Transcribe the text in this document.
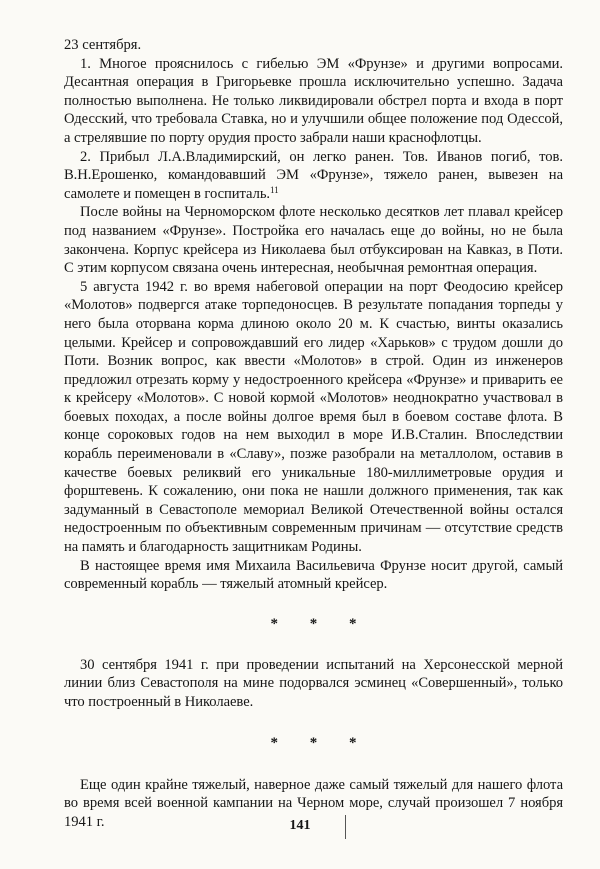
23 сентября.

1. Многое прояснилось с гибелью ЭМ «Фрунзе» и другими вопросами. Десантная операция в Григорьевке прошла исключительно успешно. Задача полностью выполнена. Не только ликвидировали обстрел порта и входа в порт Одесский, что требовала Ставка, но и улучшили общее положение под Одессой, а стрелявшие по порту орудия просто забрали наши краснофлотцы.

2. Прибыл Л.А.Владимирский, он легко ранен. Тов. Иванов погиб, тов. В.Н.Ерошенко, командовавший ЭМ «Фрунзе», тяжело ранен, вывезен на самолете и помещен в госпиталь.$^{11}$

После войны на Черноморском флоте несколько десятков лет плавал крейсер под названием «Фрунзе». Постройка его началась еще до войны, но не была закончена. Корпус крейсера из Николаева был отбуксирован на Кавказ, в Поти. С этим корпусом связана очень интересная, необычная ремонтная операция.

5 августа 1942 г. во время набеговой операции на порт Феодосию крейсер «Молотов» подвергся атаке торпедоносцев. В результате попадания торпеды у него была оторвана корма длиною около 20 м. К счастью, винты оказались целыми. Крейсер и сопровождавший его лидер «Харьков» с трудом дошли до Поти. Возник вопрос, как ввести «Молотов» в строй. Один из инженеров предложил отрезать корму у недостроенного крейсера «Фрунзе» и приварить ее к крейсеру «Молотов». С новой кормой «Молотов» неоднократно участвовал в боевых походах, а после войны долгое время был в боевом составе флота. В конце сороковых годов на нем выходил в море И.В.Сталин. Впоследствии корабль переименовали в «Славу», позже разобрали на металлолом, оставив в качестве боевых реликвий его уникальные 180-миллиметровые орудия и форштевень. К сожалению, они пока не нашли должного применения, так как задуманный в Севастополе мемориал Великой Отечественной войны остался недостроенным по объективным современным причинам — отсутствие средств на память и благодарность защитникам Родины.

В настоящее время имя Михаила Васильевича Фрунзе носит другой, самый современный корабль — тяжелый атомный крейсер.

* * *

30 сентября 1941 г. при проведении испытаний на Херсонесской мерной линии близ Севастополя на мине подорвался эсминец «Совершенный», только что построенный в Николаеве.

* * *

Еще один крайне тяжелый, наверное даже самый тяжелый для нашего флота во время всей военной кампании на Черном море, случай произошел 7 ноября 1941 г.	141
